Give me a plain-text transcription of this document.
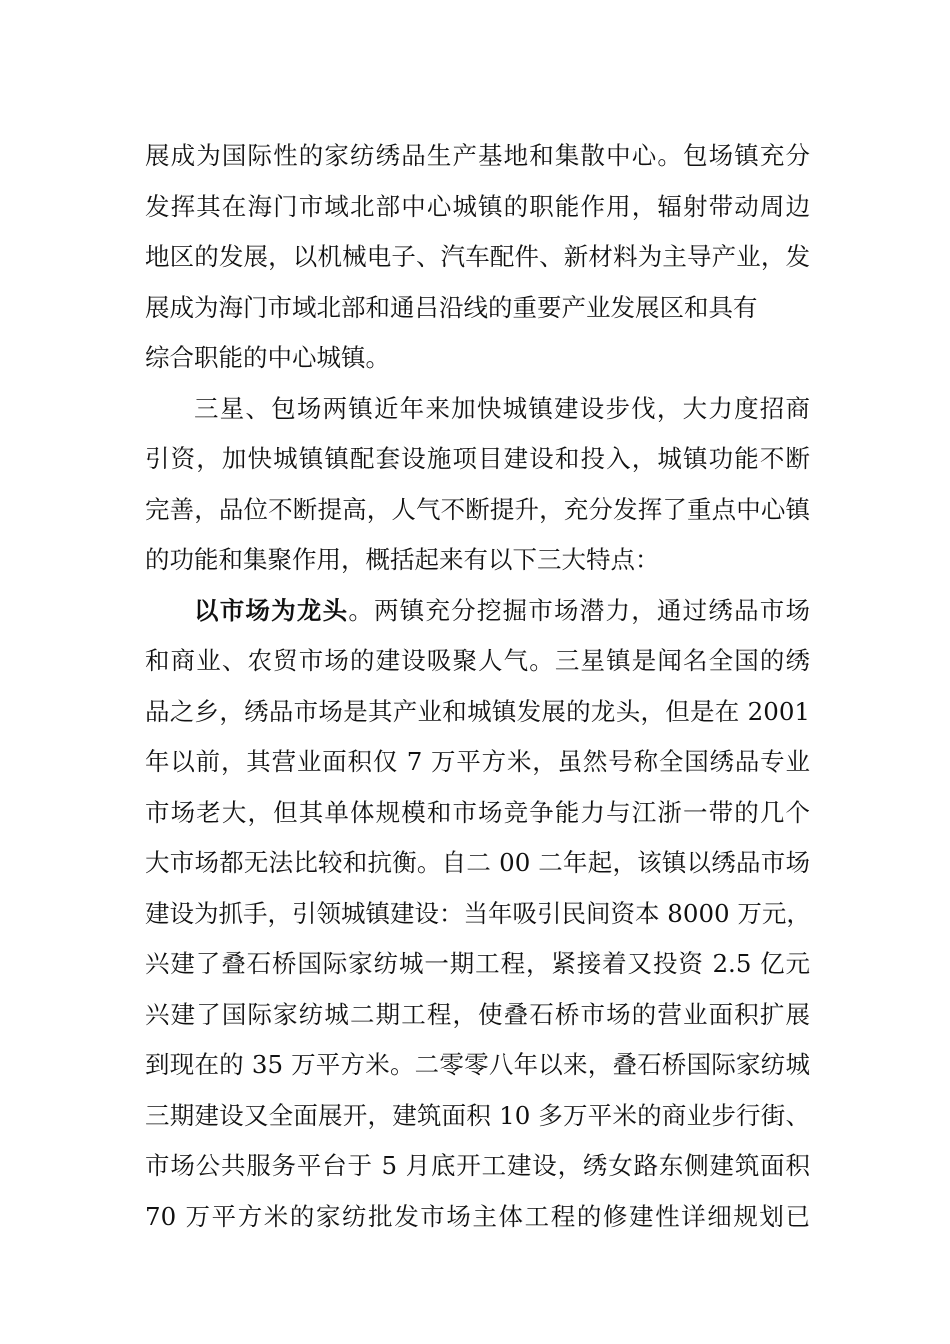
展成为国际性的家纺绣品生产基地和集散中心。包场镇充分
发挥其在海门市域北部中心城镇的职能作用，辐射带动周边
地区的发展，以机械电子、汽车配件、新材料为主导产业，发
展成为海门市域北部和通吕沿线的重要产业发展区和具有
综合职能的中心城镇。
三星、包场两镇近年来加快城镇建设步伐，大力度招商
引资，加快城镇镇配套设施项目建设和投入，城镇功能不断
完善，品位不断提高，人气不断提升，充分发挥了重点中心镇
的功能和集聚作用，概括起来有以下三大特点：
以市场为龙头。两镇充分挖掘市场潜力，通过绣品市场
和商业、农贸市场的建设吸聚人气。三星镇是闻名全国的绣
品之乡，绣品市场是其产业和城镇发展的龙头，但是在 2001
年以前，其营业面积仅 7 万平方米，虽然号称全国绣品专业
市场老大，但其单体规模和市场竞争能力与江浙一带的几个
大市场都无法比较和抗衡。自二 00 二年起，该镇以绣品市场
建设为抓手，引领城镇建设：当年吸引民间资本 8000 万元，
兴建了叠石桥国际家纺城一期工程，紧接着又投资 2.5 亿元
兴建了国际家纺城二期工程，使叠石桥市场的营业面积扩展
到现在的 35 万平方米。二零零八年以来，叠石桥国际家纺城
三期建设又全面展开，建筑面积 10 多万平米的商业步行街、
市场公共服务平台于 5 月底开工建设，绣女路东侧建筑面积
70 万平方米的家纺批发市场主体工程的修建性详细规划已
